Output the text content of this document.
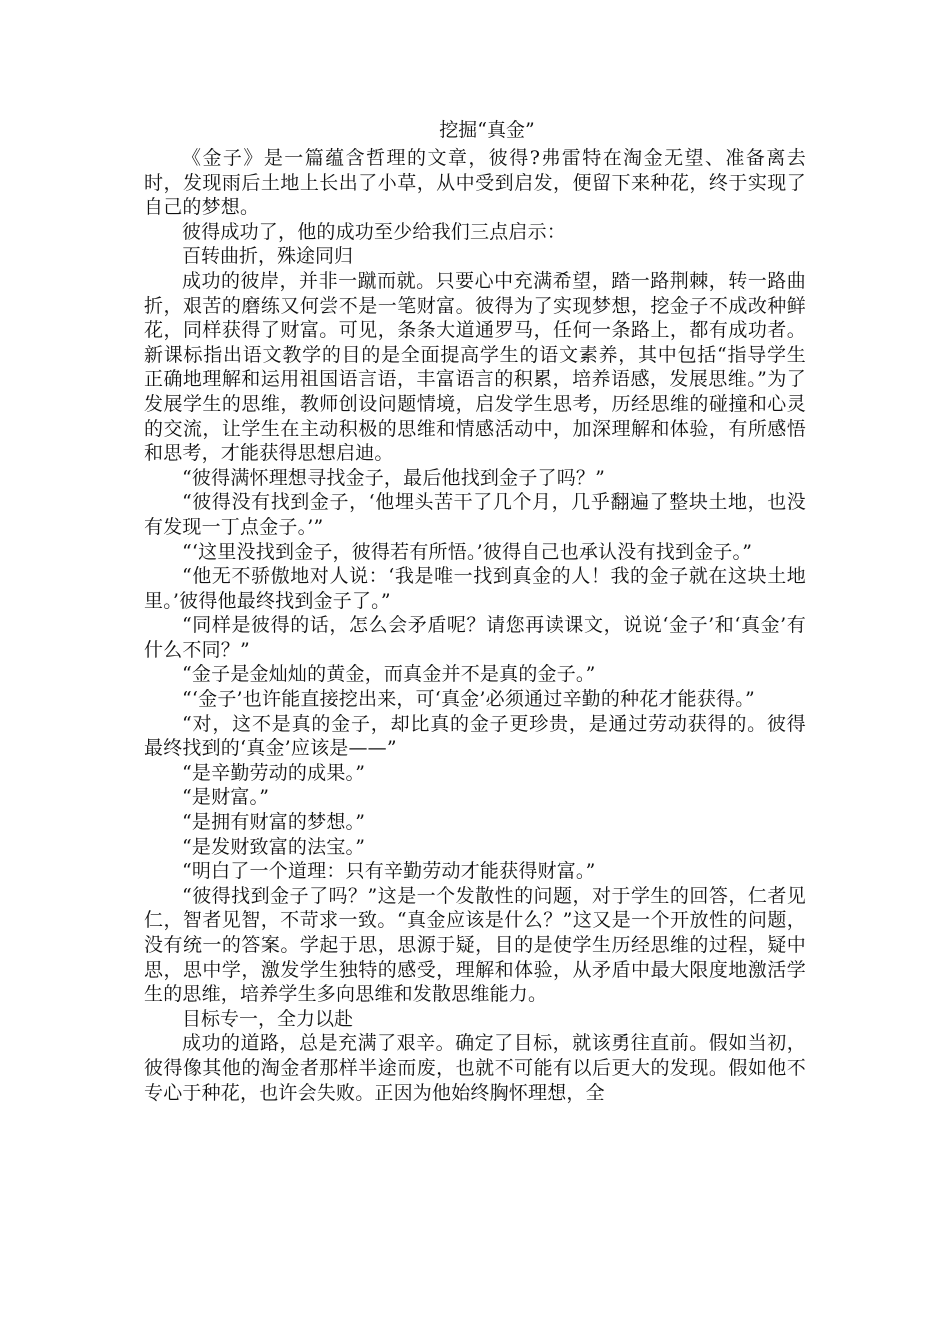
挖掘“真金”

《金子》是一篇蕴含哲理的文章，彼得?弗雷特在淘金无望、准备离去时，发现雨后土地上长出了小草，从中受到启发，便留下来种花，终于实现了自己的梦想。

彼得成功了，他的成功至少给我们三点启示：

百转曲折，殊途同归

成功的彼岸，并非一蹴而就。只要心中充满希望，踏一路荆棘，转一路曲折，艰苦的磨练又何尝不是一笔财富。彼得为了实现梦想，挖金子不成改种鲜花，同样获得了财富。可见，条条大道通罗马，任何一条路上，都有成功者。新课标指出语文教学的目的是全面提高学生的语文素养，其中包括“指导学生正确地理解和运用祖国语言语，丰富语言的积累，培养语感，发展思维。”为了发展学生的思维，教师创设问题情境，启发学生思考，历经思维的碰撞和心灵的交流，让学生在主动积极的思维和情感活动中，加深理解和体验，有所感悟和思考，才能获得思想启迪。

“彼得满怀理想寻找金子，最后他找到金子了吗？”

“彼得没有找到金子，‘他埋头苦干了几个月，几乎翻遍了整块土地，也没有发现一丁点金子。’”

“‘这里没找到金子，彼得若有所悟。’彼得自己也承认没有找到金子。”

“他无不骄傲地对人说：‘我是唯一找到真金的人！我的金子就在这块土地里。’彼得他最终找到金子了。”

“同样是彼得的话，怎么会矛盾呢？请您再读课文，说说‘金子’和‘真金’有什么不同？”

“金子是金灿灿的黄金，而真金并不是真的金子。”

“‘金子’也许能直接挖出来，可‘真金’必须通过辛勤的种花才能获得。”

“对，这不是真的金子，却比真的金子更珍贵，是通过劳动获得的。彼得最终找到的‘真金’应该是——”

“是辛勤劳动的成果。”

“是财富。”

“是拥有财富的梦想。”

“是发财致富的法宝。”

“明白了一个道理：只有辛勤劳动才能获得财富。”

“彼得找到金子了吗？”这是一个发散性的问题，对于学生的回答，仁者见仁，智者见智，不苛求一致。“真金应该是什么？”这又是一个开放性的问题，没有统一的答案。学起于思，思源于疑，目的是使学生历经思维的过程，疑中思，思中学，激发学生独特的感受，理解和体验，从矛盾中最大限度地激活学生的思维，培养学生多向思维和发散思维能力。

目标专一，全力以赴

成功的道路，总是充满了艰辛。确定了目标，就该勇往直前。假如当初，彼得像其他的淘金者那样半途而废，也就不可能有以后更大的发现。假如他不专心于种花，也许会失败。正因为他始终胸怀理想，全
